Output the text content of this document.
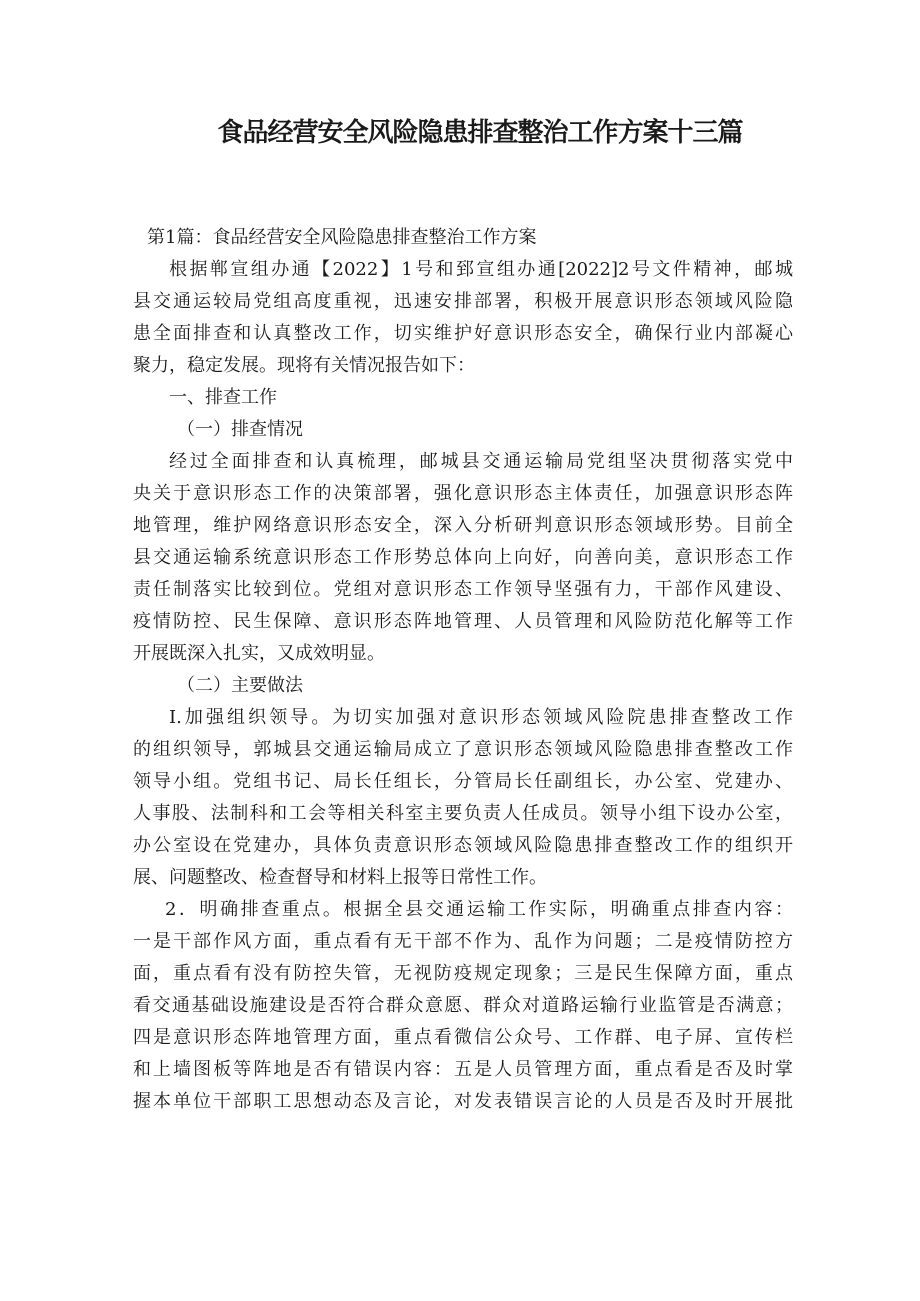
食品经营安全风险隐患排查整治工作方案十三篇
第1篇：食品经营安全风险隐患排查整治工作方案
根据郸宣组办通【2022】1号和郅宣组办通[2022]2号文件精神，邮城
县交通运较局党组高度重视，迅速安排部署，积极开展意识形态领域风险隐
患全面排查和认真整改工作，切实维护好意识形态安全，确保行业内部凝心
聚力，稳定发展。现将有关情况报告如下：
一、排查工作
（一）排查情况
经过全面排查和认真梳理，邮城县交通运输局党组坚决贯彻落实党中
央关于意识形态工作的决策部署，强化意识形态主体责任，加强意识形态阵
地管理，维护网络意识形态安全，深入分析研判意识形态领域形势。目前全
县交通运输系统意识形态工作形势总体向上向好，向善向美，意识形态工作
责任制落实比较到位。党组对意识形态工作领导坚强有力，干部作风建设、
疫情防控、民生保障、意识形态阵地管理、人员管理和风险防范化解等工作
开展既深入扎实，又成效明显。
（二）主要做法
I.加强组织领导。为切实加强对意识形态领域风险院患排查整改工作
的组织领导，郭城县交通运输局成立了意识形态领域风险隐患排查整改工作
领导小组。党组书记、局长任组长，分管局长任副组长，办公室、党建办、
人事股、法制科和工会等相关科室主要负责人任成员。领导小组下设办公室，
办公室设在党建办，具体负责意识形态领域风险隐患排查整改工作的组织开
展、问题整改、检查督导和材料上报等日常性工作。
2．明确排查重点。根据全县交通运输工作实际，明确重点排查内容：
一是干部作风方面，重点看有无干部不作为、乱作为问题；二是疫情防控方
面，重点看有没有防控失管，无视防疫规定现象；三是民生保障方面，重点
看交通基础设施建设是否符合群众意愿、群众对道路运输行业监管是否满意；
四是意识形态阵地管理方面，重点看微信公众号、工作群、电子屏、宣传栏
和上墙图板等阵地是否有错误内容：五是人员管理方面，重点看是否及时掌
握本单位干部职工思想动态及言论，对发表错误言论的人员是否及时开展批
